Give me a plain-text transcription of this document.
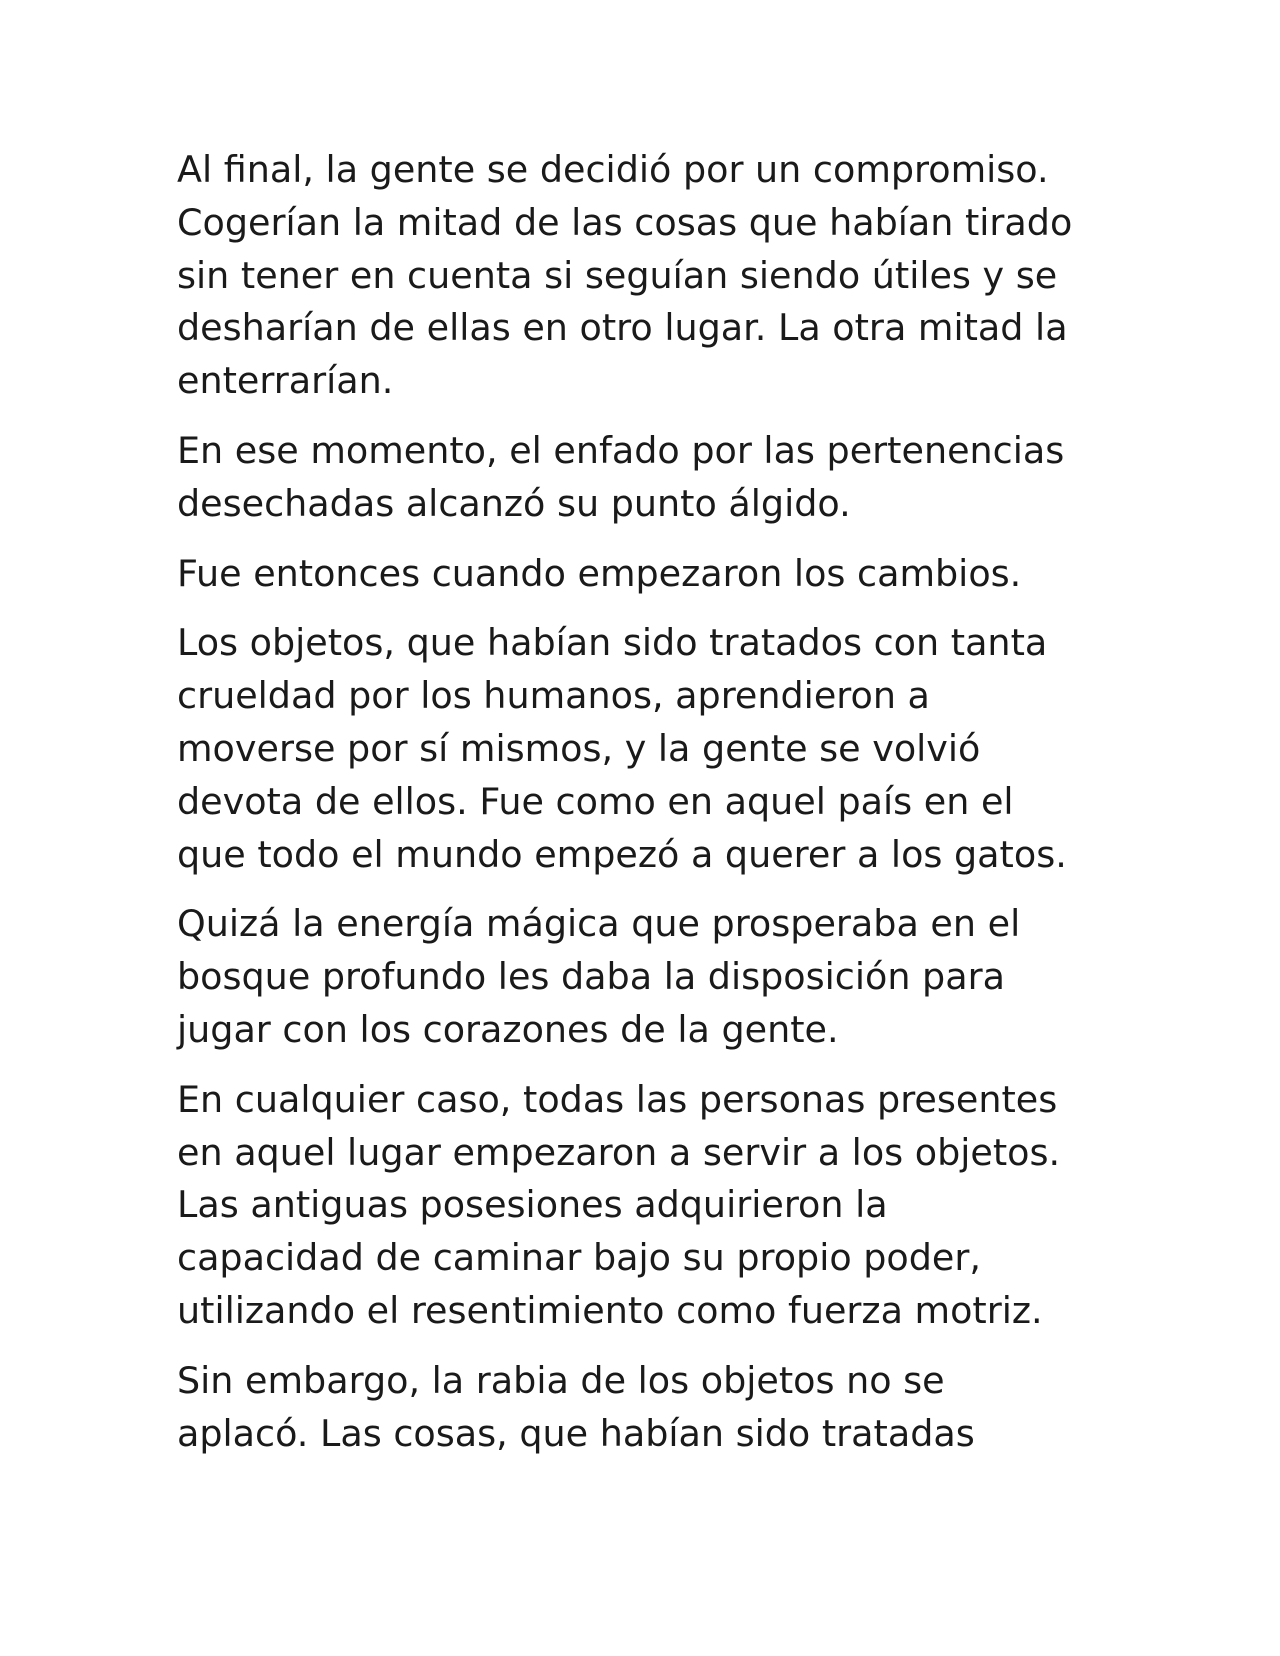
Al final, la gente se decidió por un compromiso.
Cogerían la mitad de las cosas que habían tirado
sin tener en cuenta si seguían siendo útiles y se
desharían de ellas en otro lugar. La otra mitad la
enterrarían.

En ese momento, el enfado por las pertenencias
desechadas alcanzó su punto álgido.

Fue entonces cuando empezaron los cambios.

Los objetos, que habían sido tratados con tanta
crueldad por los humanos, aprendieron a
moverse por sí mismos, y la gente se volvió
devota de ellos. Fue como en aquel país en el
que todo el mundo empezó a querer a los gatos.

Quizá la energía mágica que prosperaba en el
bosque profundo les daba la disposición para
jugar con los corazones de la gente.

En cualquier caso, todas las personas presentes
en aquel lugar empezaron a servir a los objetos.
Las antiguas posesiones adquirieron la
capacidad de caminar bajo su propio poder,
utilizando el resentimiento como fuerza motriz.

Sin embargo, la rabia de los objetos no se
aplacó. Las cosas, que habían sido tratadas
